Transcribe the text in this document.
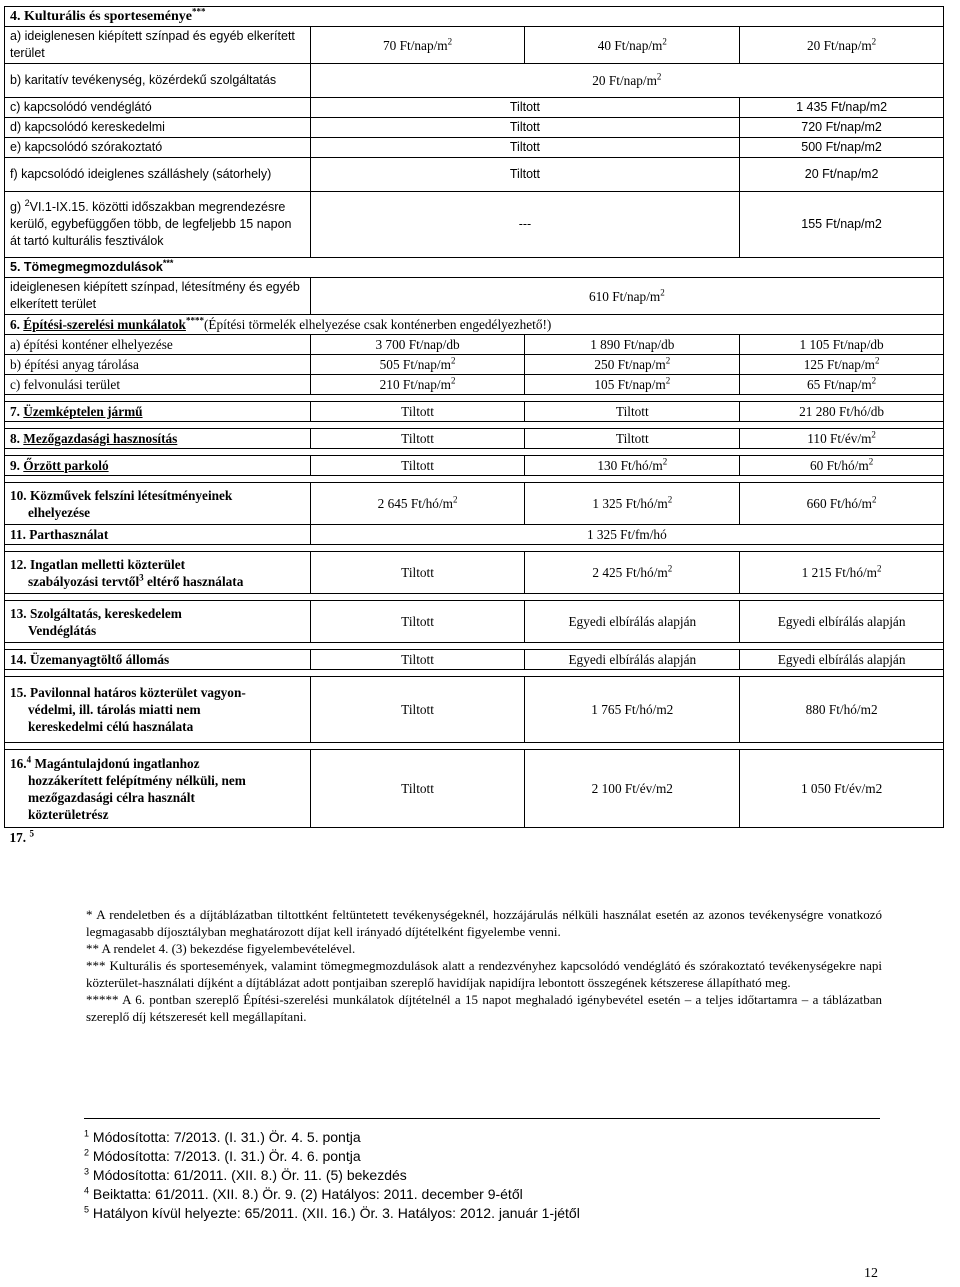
4. Kulturális és sporteseménye***
a) ideiglenesen kiépített színpad és egyéb elkerített terület	70 $Ft/nap/m^2$	40 $Ft/nap/m^2$	20 $Ft/nap/m^2$
b) karitatív tevékenység, közérdekű szolgáltatás	20 $Ft/nap/m^2$
c) kapcsolódó vendéglátó	Tiltott		1 435 Ft/nap/m2
d) kapcsolódó kereskedelmi	Tiltott		720 Ft/nap/m2
e) kapcsolódó szórakoztató	Tiltott		500 Ft/nap/m2
f) kapcsolódó ideiglenes szálláshely (sátorhely)	Tiltott		20 Ft/nap/m2
g) $^2$VI.1-IX.15. közötti időszakban megrendezésre kerülő, egybefüggően több, de legfeljebb 15 napon át tartó kulturális fesztiválok	---		155 Ft/nap/m2
5. Tömegmegmozdulások***
ideiglenesen kiépített színpad, létesítmény és egyéb elkerített terület	610 $Ft/nap/m^2$
6. Építési-szerelési munkálatok****(Építési törmelék elhelyezése csak konténerben engedélyezhető!)			
a) építési konténer elhelyezése	3 700 Ft/nap/db	1 890 Ft/nap/db	1 105 Ft/nap/db
b) építési anyag tárolása	505 $Ft/nap/m^2$	250 $Ft/nap/m^2$	125 $Ft/nap/m^2$
c) felvonulási terület	210 $Ft/nap/m^2$	105 $Ft/nap/m^2$	65 $Ft/nap/m^2$

7. Üzemképtelen jármű	Tiltott	Tiltott	21 280 Ft/hó/db

8. Mezőgazdasági hasznosítás	Tiltott	Tiltott	110 $Ft/év/m^2$

9. Őrzött parkoló	Tiltott	130 $Ft/hó/m^2$	60 $Ft/hó/m^2$

10. Közművek felszíni létesítményeinek
elhelyezése	2 645 $Ft/hó/m^2$	1 325 $Ft/hó/m^2$	660 $Ft/hó/m^2$
11. Parthasználat	1 325 Ft/fm/hó		

12. Ingatlan melletti közterület
szabályozási tervtől$^3$ eltérő használata	Tiltott	2 425 $Ft/hó/m^2$	1 215 $Ft/hó/m^2$

13. Szolgáltatás, kereskedelem
Vendéglátás	Tiltott	Egyedi elbírálás alapján	Egyedi elbírálás alapján

14. Üzemanyagtöltő állomás	Tiltott	Egyedi elbírálás alapján	Egyedi elbírálás alapján

15. Pavilonnal határos közterület vagyon-
védelmi, ill. tárolás miatti nem
kereskedelmi célú használata	Tiltott	1 765 Ft/hó/m2	880 Ft/hó/m2

16.$^4$ Magántulajdonú ingatlanhoz
hozzákerített felépítmény nélküli, nem
mezőgazdasági célra használt
közterületrész	Tiltott	2 100 Ft/év/m2	1 050 Ft/év/m2
17. $^5$			

* A rendeletben és a díjtáblázatban tiltottként feltüntetett tevékenységeknél, hozzájárulás nélküli használat esetén az azonos tevékenységre vonatkozó legmagasabb díjosztályban meghatározott díjat kell irányadó díjtételként figyelembe venni.

** A rendelet 4. (3) bekezdése figyelembevételével.

*** Kulturális és sportesemények, valamint tömegmegmozdulások alatt a rendezvényhez kapcsolódó vendéglátó és szórakoztató tevékenységekre napi közterület-használati díjként a díjtáblázat adott pontjaiban szereplő havidíjak napidíjra lebontott összegének kétszerese állapítható meg.

***** A 6. pontban szereplő Építési-szerelési munkálatok díjtételnél a 15 napot meghaladó igénybevétel esetén – a teljes időtartamra – a táblázatban szereplő díj kétszeresét kell megállapítani.

$^1$ Módosította: 7/2013. (I. 31.) Ör. 4. 5. pontja
$^2$ Módosította: 7/2013. (I. 31.) Ör. 4. 6. pontja
$^3$ Módosította: 61/2011. (XII. 8.) Ör. 11. (5) bekezdés
$^4$ Beiktatta: 61/2011. (XII. 8.) Ör. 9. (2) Hatályos: 2011. december 9-étől
$^5$ Hatályon kívül helyezte: 65/2011. (XII. 16.) Ör. 3. Hatályos: 2012. január 1-jétől
12
